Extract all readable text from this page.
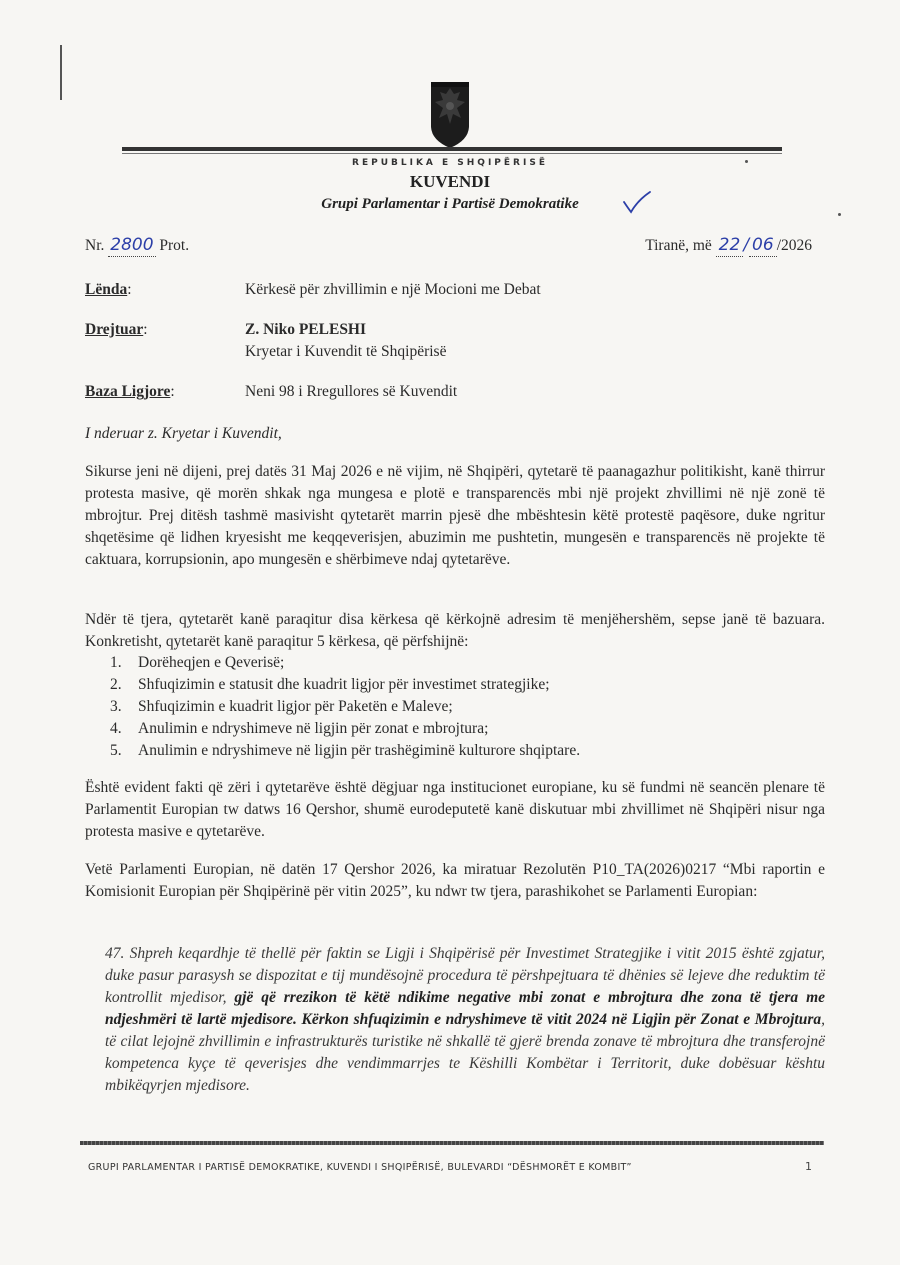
REPUBLIKA E SHQIPËRISË
KUVENDI
Grupi Parlamentar i Partisë Demokratike
Nr. 2800 Prot.	Tiranë, më 22 / 06 /2026
Lënda:	Kërkesë për zhvillimin e një Mocioni me Debat
Drejtuar:	Z. Niko PELESHI
Kryetar i Kuvendit të Shqipërisë
Baza Ligjore:	Neni 98 i Rregullores së Kuvendit
I nderuar z. Kryetar i Kuvendit,
Sikurse jeni në dijeni, prej datës 31 Maj 2026 e në vijim, në Shqipëri, qytetarë të paanagazhur politikisht, kanë thirrur protesta masive, që morën shkak nga mungesa e plotë e transparencës mbi një projekt zhvillimi në një zonë të mbrojtur. Prej ditësh tashmë masivisht qytetarët marrin pjesë dhe mbështesin këtë protestë paqësore, duke ngritur shqetësime që lidhen kryesisht me keqqeverisjen, abuzimin me pushtetin, mungesën e transparencës në projekte të caktuara, korrupsionin, apo mungesën e shërbimeve ndaj qytetarëve.
Ndër të tjera, qytetarët kanë paraqitur disa kërkesa që kërkojnë adresim të menjëhershëm, sepse janë të bazuara. Konkretisht, qytetarët kanë paraqitur 5 kërkesa, që përfshijnë:
1. Dorëheqjen e Qeverisë;
2. Shfuqizimin e statusit dhe kuadrit ligjor për investimet strategjike;
3. Shfuqizimin e kuadrit ligjor për Paketën e Maleve;
4. Anulimin e ndryshimeve në ligjin për zonat e mbrojtura;
5. Anulimin e ndryshimeve në ligjin për trashëgiminë kulturore shqiptare.
Është evident fakti që zëri i qytetarëve është dëgjuar nga institucionet europiane, ku së fundmi në seancën plenare të Parlamentit Europian tw datws 16 Qershor, shumë eurodeputetë kanë diskutuar mbi zhvillimet në Shqipëri nisur nga protesta masive e qytetarëve.
Vetë Parlamenti Europian, në datën 17 Qershor 2026, ka miratuar Rezolutën P10_TA(2026)0217 “Mbi raportin e Komisionit Europian për Shqipërinë për vitin 2025”, ku ndwr tw tjera, parashikohet se Parlamenti Europian:
47. Shpreh keqardhje të thellë për faktin se Ligji i Shqipërisë për Investimet Strategjike i vitit 2015 është zgjatur, duke pasur parasysh se dispozitat e tij mundësojnë procedura të përshpejtuara të dhënies së lejeve dhe reduktim të kontrollit mjedisor, gjë që rrezikon të këtë ndikime negative mbi zonat e mbrojtura dhe zona të tjera me ndjeshmëri të lartë mjedisore. Kërkon shfuqizimin e ndryshimeve të vitit 2024 në Ligjin për Zonat e Mbrojtura, të cilat lejojnë zhvillimin e infrastrukturës turistike në shkallë të gjerë brenda zonave të mbrojtura dhe transferojnë kompetenca kyçe të qeverisjes dhe vendimmarrjes te Këshilli Kombëtar i Territorit, duke dobësuar kështu mbikëqyrjen mjedisore.
GRUPI PARLAMENTAR I PARTISË DEMOKRATIKE, KUVENDI I SHQIPËRISË, BULEVARDI “DËSHMORËT E KOMBIT”	1
